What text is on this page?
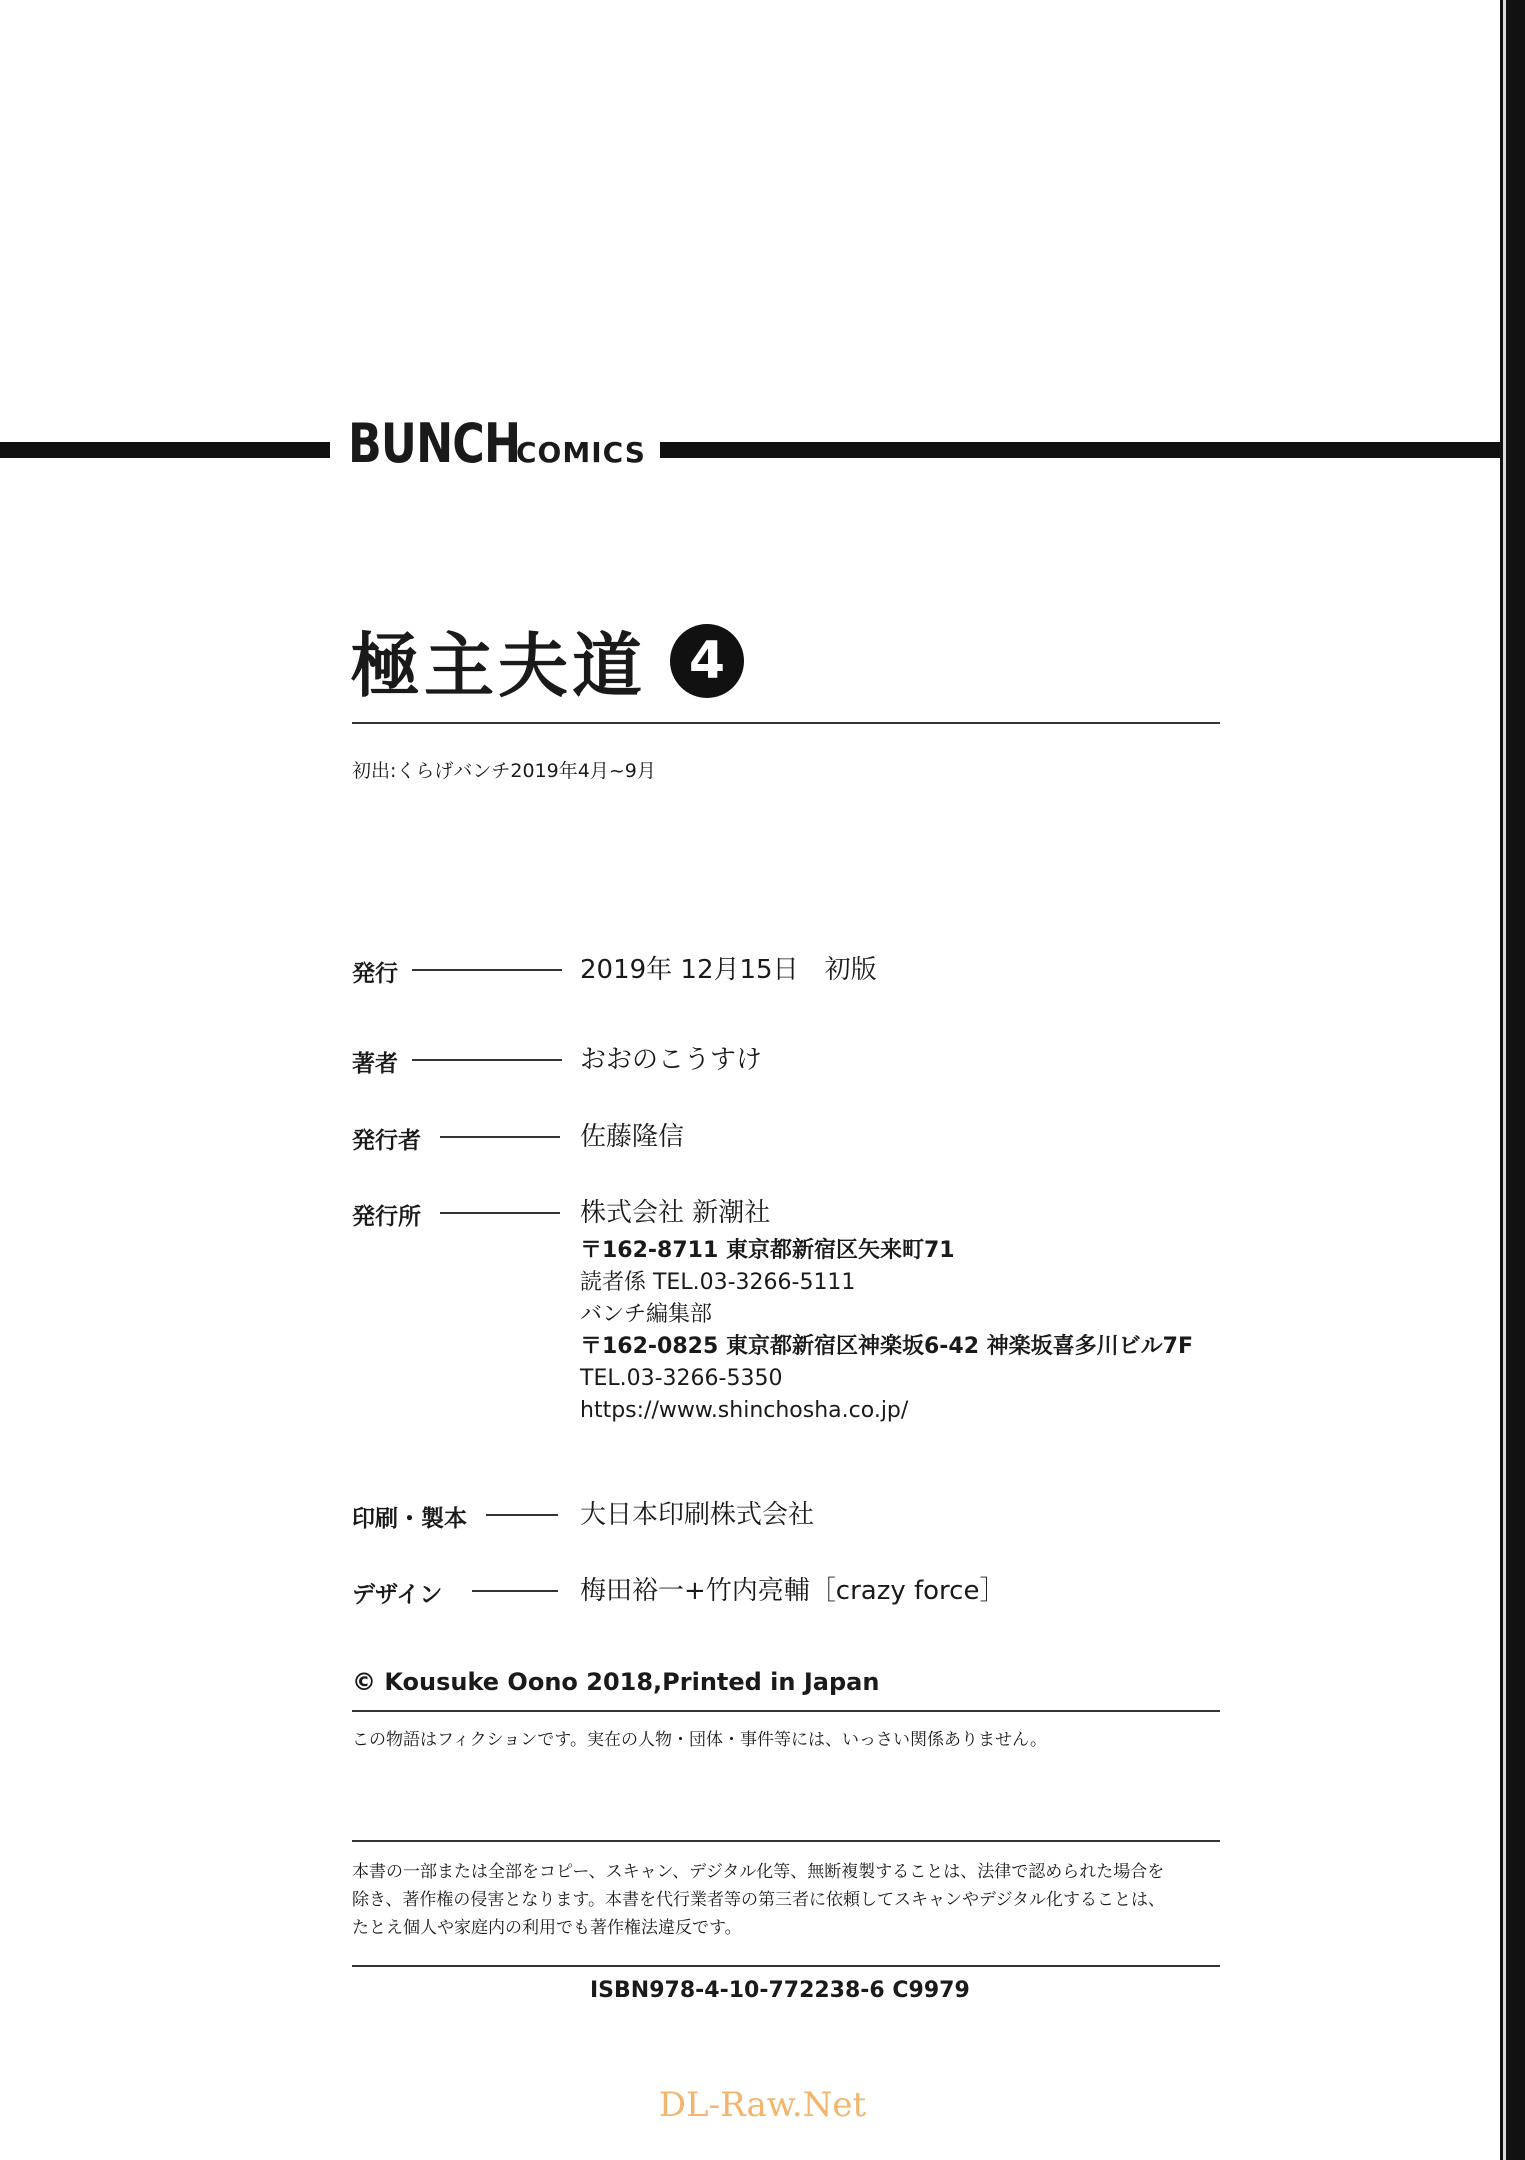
BUNCH
COMICS
極主夫道 4
初出:くらげバンチ2019年4月~9月
発行	2019年 12月15日　初版
著者	おおのこうすけ
発行者	佐藤隆信
発行所	株式会社 新潮社
〒162-8711 東京都新宿区矢来町71
読者係 TEL.03-3266-5111
バンチ編集部
〒162-0825 東京都新宿区神楽坂6-42 神楽坂喜多川ビル7F
TEL.03-3266-5350
https://www.shinchosha.co.jp/
印刷・製本	大日本印刷株式会社
デザイン	梅田裕一+竹内亮輔［crazy force］
© Kousuke Oono 2018,Printed in Japan
この物語はフィクションです。実在の人物・団体・事件等には、いっさい関係ありません。
本書の一部または全部をコピー、スキャン、デジタル化等、無断複製することは、法律で認められた場合を
除き、著作権の侵害となります。本書を代行業者等の第三者に依頼してスキャンやデジタル化することは、
たとえ個人や家庭内の利用でも著作権法違反です。
ISBN978-4-10-772238-6 C9979
DL-Raw.Net
